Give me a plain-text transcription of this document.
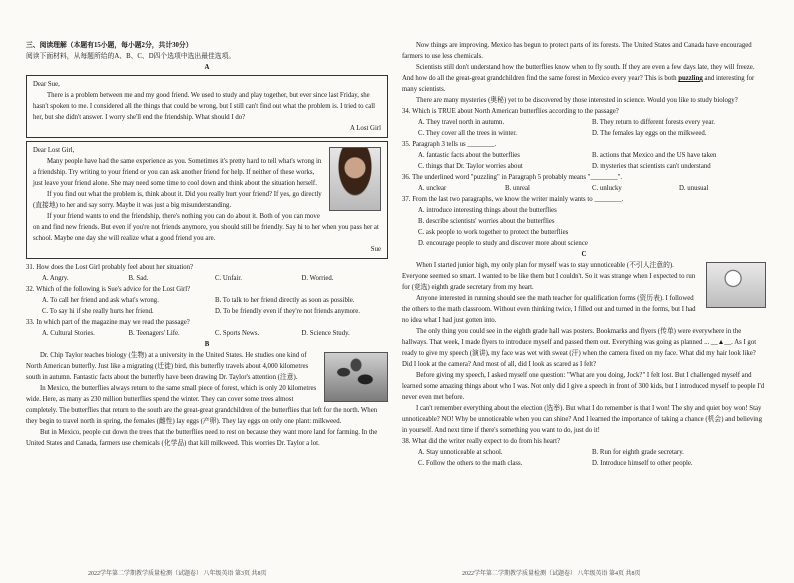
三、阅读理解（本题有15小题，每小题2分，共计30分）

阅读下面材料，从每题所给的A、B、C、D四个选项中选出最佳选项。

A

Dear Sue,

There is a problem between me and my good friend. We used to study and play together, but ever since last Friday, she hasn't spoken to me. I considered all the things that could be wrong, but I still can't find out what the problem is. I tried to call her, but she didn't answer. I worry she'll end the friendship. What should I do?

A Lost Girl

Dear Lost Girl,

Many people have had the same experience as you. Sometimes it's pretty hard to tell what's wrong in a friendship. Try writing to your friend or you can ask another friend for help. If neither of these works, just leave your friend alone. She may need some time to cool down and think about the situation herself.

If you find out what the problem is, think about it. Did you really hurt your friend? If yes, go directly (直接地) to her and say sorry. Maybe it was just a big misunderstanding.

If your friend wants to end the friendship, there's nothing you can do about it. Both of you can move on and find new friends. But even if you're not friends anymore, you should still be friendly. Say hi to her when you pass her at school. Maybe one day she will realize what a good friend you are.

Sue

31. How does the Lost Girl probably feel about her situation?

A. Angry.	B. Sad.	C. Unfair.	D. Worried.

32. Which of the following is Sue's advice for the Lost Girl?

A. To call her friend and ask what's wrong.	B. To talk to her friend directly as soon as possible.
C. To say hi if she really hurts her friend.	D. To be friendly even if they're not friends anymore.

33. In which part of the magazine may we read the passage?

A. Cultural Stories.	B. Teenagers' Life.	C. Sports News.	D. Science Study.

B

Dr. Chip Taylor teaches biology (生物) at a university in the United States. He studies one kind of North American butterfly. Just like a migrating (迁徙) bird, this butterfly travels about 4,000 kilometres south in autumn. Fantastic facts about the butterfly have been drawing Dr. Taylor's attention (注意).

In Mexico, the butterflies always return to the same small piece of forest, which is only 20 kilometres wide. Here, as many as 230 million butterflies spend the winter. They can cover some trees almost completely. The butterflies that return to the south are the great-great grandchildren of the butterflies that left for the north. When they begin to travel north in spring, the females (雌性) lay eggs (产卵). They lay eggs on only one plant: milkweed.

But in Mexico, people cut down the trees that the butterflies need to rest on because they want more land for farming. In the United States and Canada, farmers use chemicals (化学品) that kill milkweed. This worries Dr. Taylor a lot.

2022学年第二学期教学质量检测（试题卷） 八年级英语 第3页 共8页

Now things are improving. Mexico has begun to protect parts of its forests. The United States and Canada have encouraged farmers to use less chemicals.

Scientists still don't understand how the butterflies know when to fly south. If they are even a few days late, they will freeze. And how do all the great-great grandchildren find the same forest in Mexico every year? This is both puzzling and interesting for many scientists.

There are many mysteries (奥秘) yet to be discovered by those interested in science. Would you like to study biology?

34. Which is TRUE about North American butterflies according to the passage?

A. They travel north in autumn.	B. They return to different forests every year.
C. They cover all the trees in winter.	D. The females lay eggs on the milkweed.

35. Paragraph 3 tells us ________.

A. fantastic facts about the butterflies	B. actions that Mexico and the US have taken
C. things that Dr. Taylor worries about	D. mysteries that scientists can't understand

36. The underlined word "puzzling" in Paragraph 5 probably means "________".

A. unclear	B. unreal	C. unlucky	D. unusual

37. From the last two paragraphs, we know the writer mainly wants to ________.

A. introduce interesting things about the butterflies

B. describe scientists' worries about the butterflies

C. ask people to work together to protect the butterflies

D. encourage people to study and discover more about science

C

When I started junior high, my only plan for myself was to stay unnoticeable (不引人注意的). Everyone seemed so smart. I wanted to be like them but I couldn't. So it was strange when I expected to run for (竞选) eighth grade secretary from my heart.

Anyone interested in running should see the math teacher for qualification forms (资历表). I followed the others to the math classroom. Without even thinking twice, I filled out and turned in the forms, but I had no idea what I had just gotten into.

The only thing you could see in the eighth grade hall was posters. Bookmarks and flyers (传单) were everywhere in the hallways. That week, I made flyers to introduce myself and passed them out. Everything was going as planned ... __▲__. As I got ready to give my speech (演讲), my face was wet with sweat (汗) when the camera fixed on my face. What did my hair look like? Did I look at the camera? And most of all, did I look as scared as I felt?

Before giving my speech, I asked myself one question: "What are you doing, Jock?" I felt lost. But I challenged myself and learned some amazing things about who I was. Not only did I give a speech in front of 300 kids, but I introduced myself to people I'd never even met before.

I can't remember everything about the election (选举). But what I do remember is that I won! The shy and quiet boy won! Stay unnoticeable? NO! Why be unnoticeable when you can shine? And I learned the importance of taking a chance (机会) and believing in yourself. And next time if there's something you want to do, just do it!

38. What did the writer really expect to do from his heart?

A. Stay unnoticeable at school.	B. Run for eighth grade secretary.
C. Follow the others to the math class.	D. Introduce himself to other people.
2022学年第二学期教学质量检测（试题卷） 八年级英语 第4页 共8页
